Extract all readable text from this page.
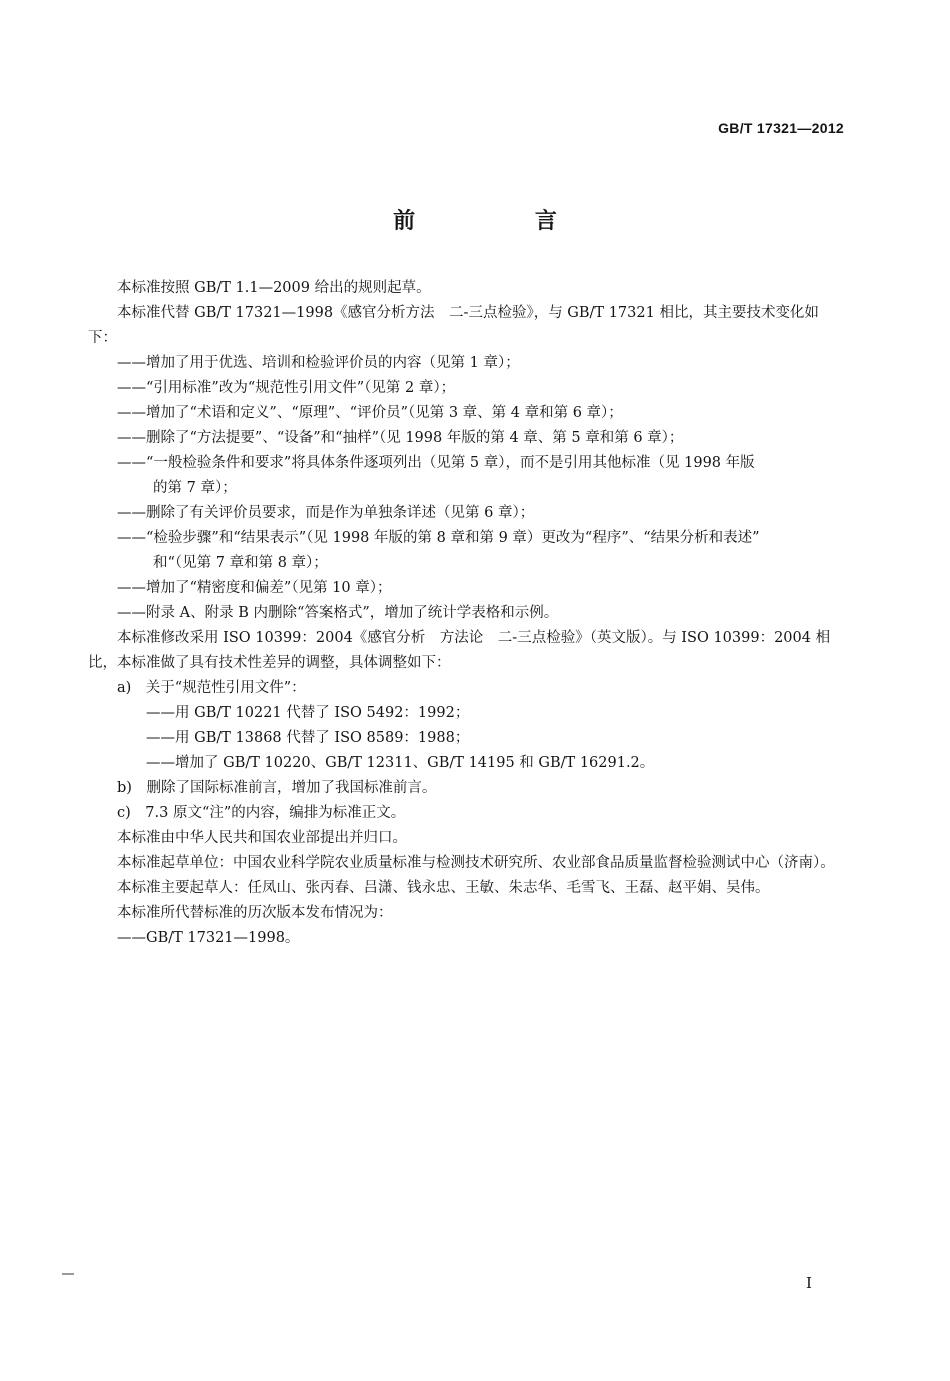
GB/T 17321—2012
前 言

本标准按照 GB/T 1.1—2009 给出的规则起草。

本标准代替 GB/T 17321—1998《感官分析方法　二-三点检验》，与 GB/T 17321 相比，其主要技术变化如下：

——增加了用于优选、培训和检验评价员的内容（见第 1 章）；

——“引用标准”改为“规范性引用文件”（见第 2 章）；

——增加了“术语和定义”、“原理”、“评价员”（见第 3 章、第 4 章和第 6 章）；

——删除了“方法提要”、“设备”和“抽样”（见 1998 年版的第 4 章、第 5 章和第 6 章）；

——“一般检验条件和要求”将具体条件逐项列出（见第 5 章），而不是引用其他标准（见 1998 年版
的第 7 章）；

——删除了有关评价员要求，而是作为单独条详述（见第 6 章）；

——“检验步骤”和“结果表示”（见 1998 年版的第 8 章和第 9 章）更改为“程序”、“结果分析和表述”
和“（见第 7 章和第 8 章）；

——增加了“精密度和偏差”（见第 10 章）；

——附录 A、附录 B 内删除“答案格式”，增加了统计学表格和示例。

本标准修改采用 ISO 10399：2004《感官分析　方法论　二-三点检验》（英文版）。与 ISO 10399：2004 相比，本标准做了具有技术性差异的调整，具体调整如下：

a)　关于“规范性引用文件”：

——用 GB/T 10221 代替了 ISO 5492：1992；

——用 GB/T 13868 代替了 ISO 8589：1988；

——增加了 GB/T 10220、GB/T 12311、GB/T 14195 和 GB/T 16291.2。

b)　删除了国际标准前言，增加了我国标准前言。

c)　7.3 原文“注”的内容，编排为标准正文。

本标准由中华人民共和国农业部提出并归口。

本标准起草单位：中国农业科学院农业质量标准与检测技术研究所、农业部食品质量监督检验测试中心（济南）。

本标准主要起草人：任凤山、张丙春、吕潇、钱永忠、王敏、朱志华、毛雪飞、王磊、赵平娟、吴伟。

本标准所代替标准的历次版本发布情况为：

——GB/T 17321—1998。

I
